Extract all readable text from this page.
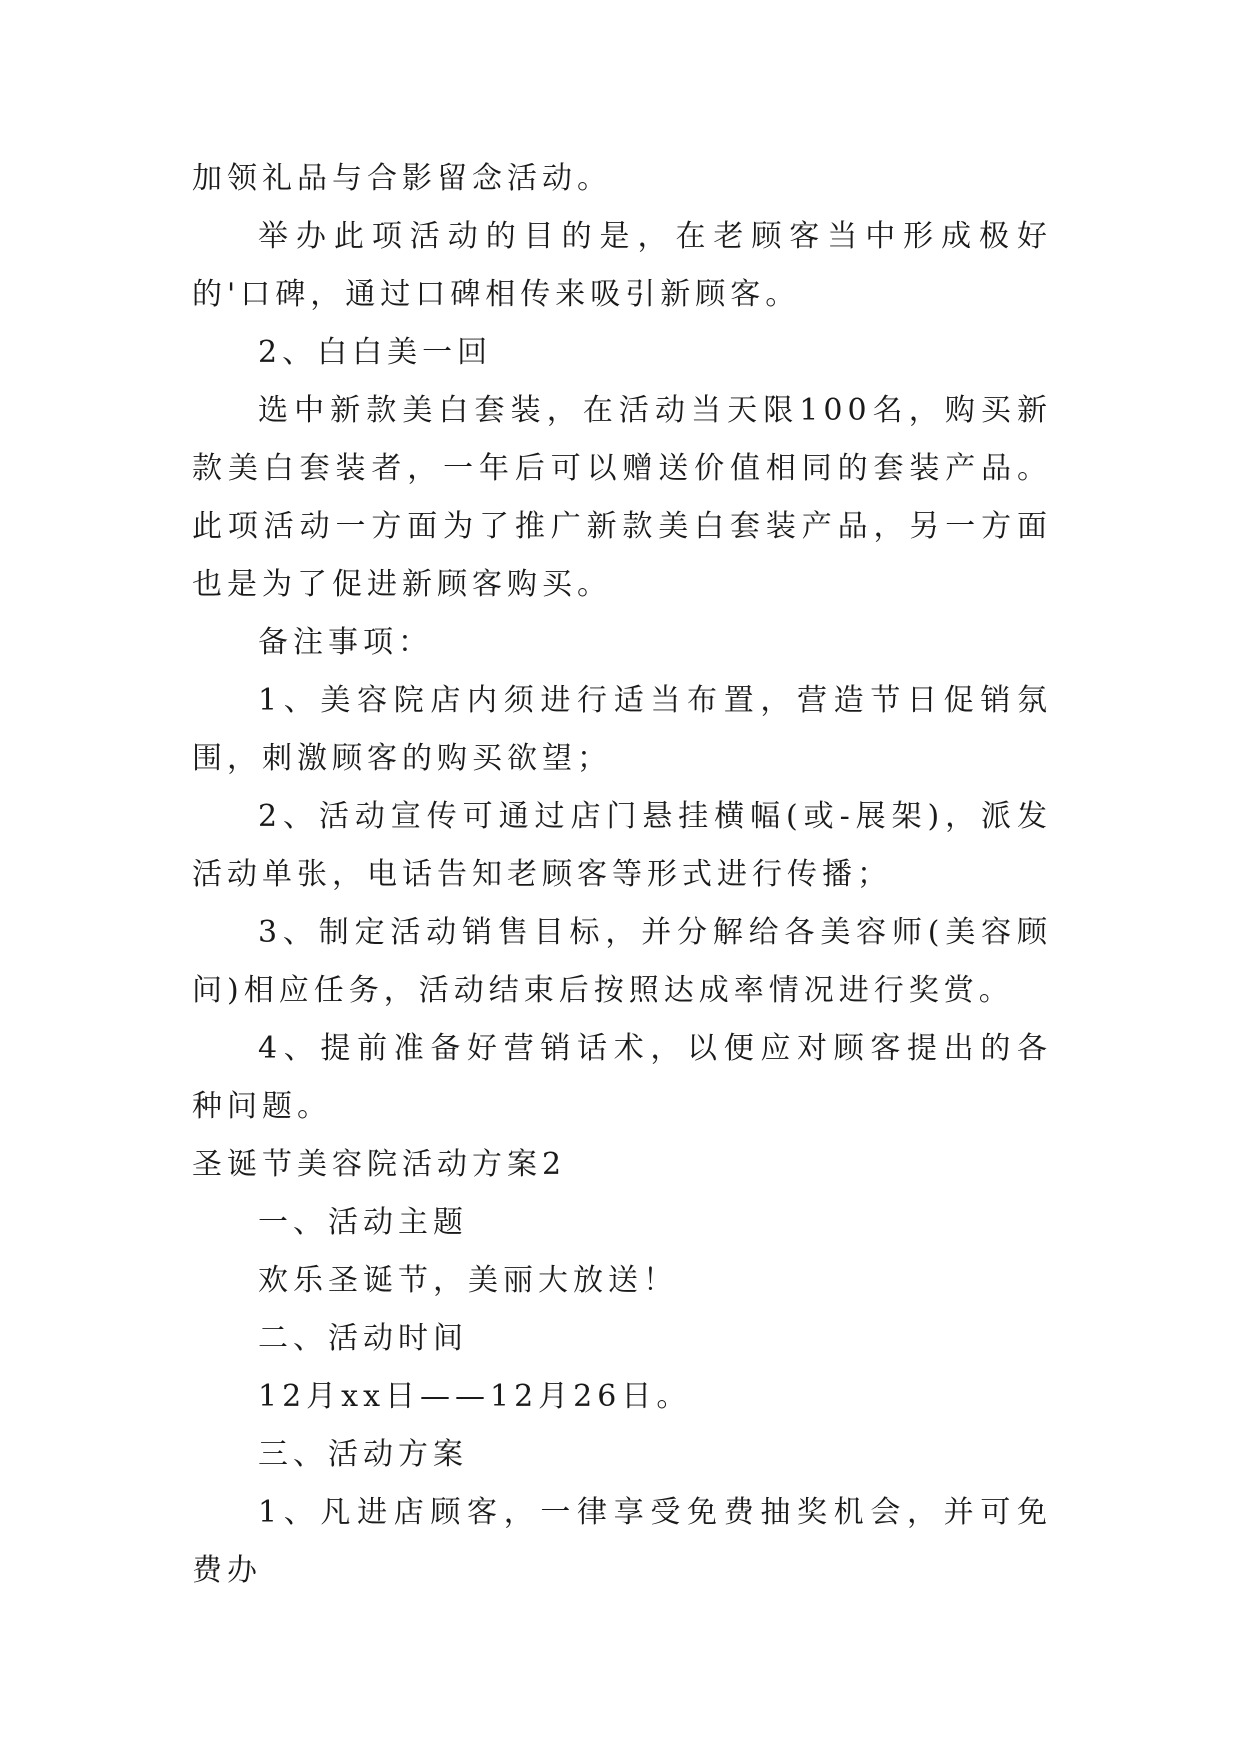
加领礼品与合影留念活动。

举办此项活动的目的是，在老顾客当中形成极好的'口碑，通过口碑相传来吸引新顾客。

2、白白美一回

选中新款美白套装，在活动当天限100名，购买新款美白套装者，一年后可以赠送价值相同的套装产品。此项活动一方面为了推广新款美白套装产品，另一方面也是为了促进新顾客购买。

备注事项：

1、美容院店内须进行适当布置，营造节日促销氛围，刺激顾客的购买欲望；

2、活动宣传可通过店门悬挂横幅(或-展架)，派发活动单张，电话告知老顾客等形式进行传播；

3、制定活动销售目标，并分解给各美容师(美容顾问)相应任务，活动结束后按照达成率情况进行奖赏。

4、提前准备好营销话术，以便应对顾客提出的各种问题。

圣诞节美容院活动方案2

一、活动主题

欢乐圣诞节，美丽大放送！

二、活动时间

12月xx日——12月26日。

三、活动方案

1、凡进店顾客，一律享受免费抽奖机会，并可免费办
